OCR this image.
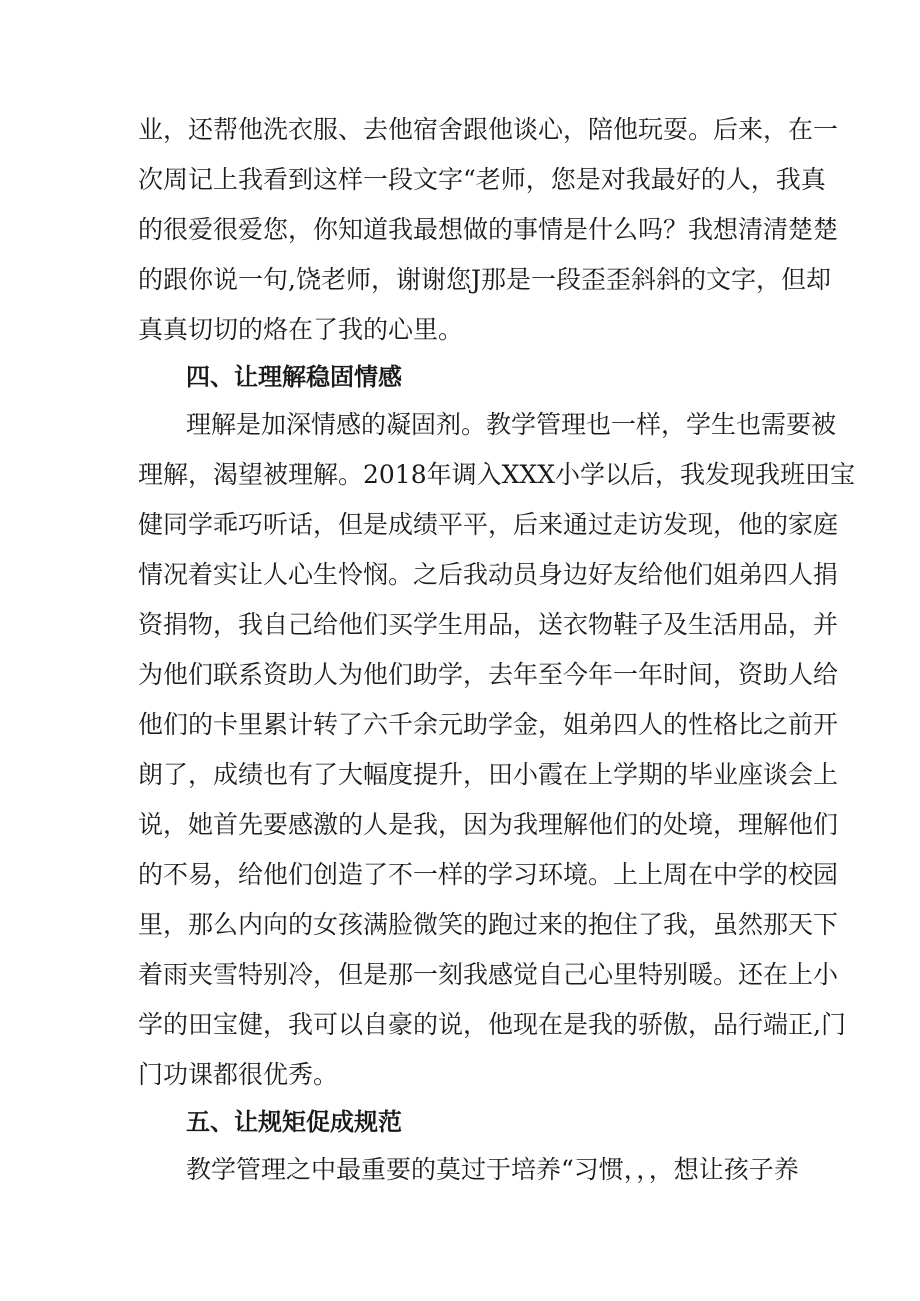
业，还帮他洗衣服、去他宿舍跟他谈心，陪他玩耍。后来，在一
次周记上我看到这样一段文字“老师，您是对我最好的人，我真
的很爱很爱您，你知道我最想做的事情是什么吗？我想清清楚楚
的跟你说一句,饶老师，谢谢您J那是一段歪歪斜斜的文字，但却
真真切切的烙在了我的心里。
四、让理解稳固情感
理解是加深情感的凝固剂。教学管理也一样，学生也需要被
理解，渴望被理解。2018年调入XXX小学以后，我发现我班田宝
健同学乖巧听话，但是成绩平平，后来通过走访发现，他的家庭
情况着实让人心生怜悯。之后我动员身边好友给他们姐弟四人捐
资捐物，我自己给他们买学生用品，送衣物鞋子及生活用品，并
为他们联系资助人为他们助学，去年至今年一年时间，资助人给
他们的卡里累计转了六千余元助学金，姐弟四人的性格比之前开
朗了，成绩也有了大幅度提升，田小霞在上学期的毕业座谈会上
说，她首先要感激的人是我，因为我理解他们的处境，理解他们
的不易，给他们创造了不一样的学习环境。上上周在中学的校园
里，那么内向的女孩满脸微笑的跑过来的抱住了我，虽然那天下
着雨夹雪特别冷，但是那一刻我感觉自己心里特别暖。还在上小
学的田宝健，我可以自豪的说，他现在是我的骄傲，品行端正,门
门功课都很优秀。
五、让规矩促成规范
教学管理之中最重要的莫过于培养“习惯，，，想让孩子养
